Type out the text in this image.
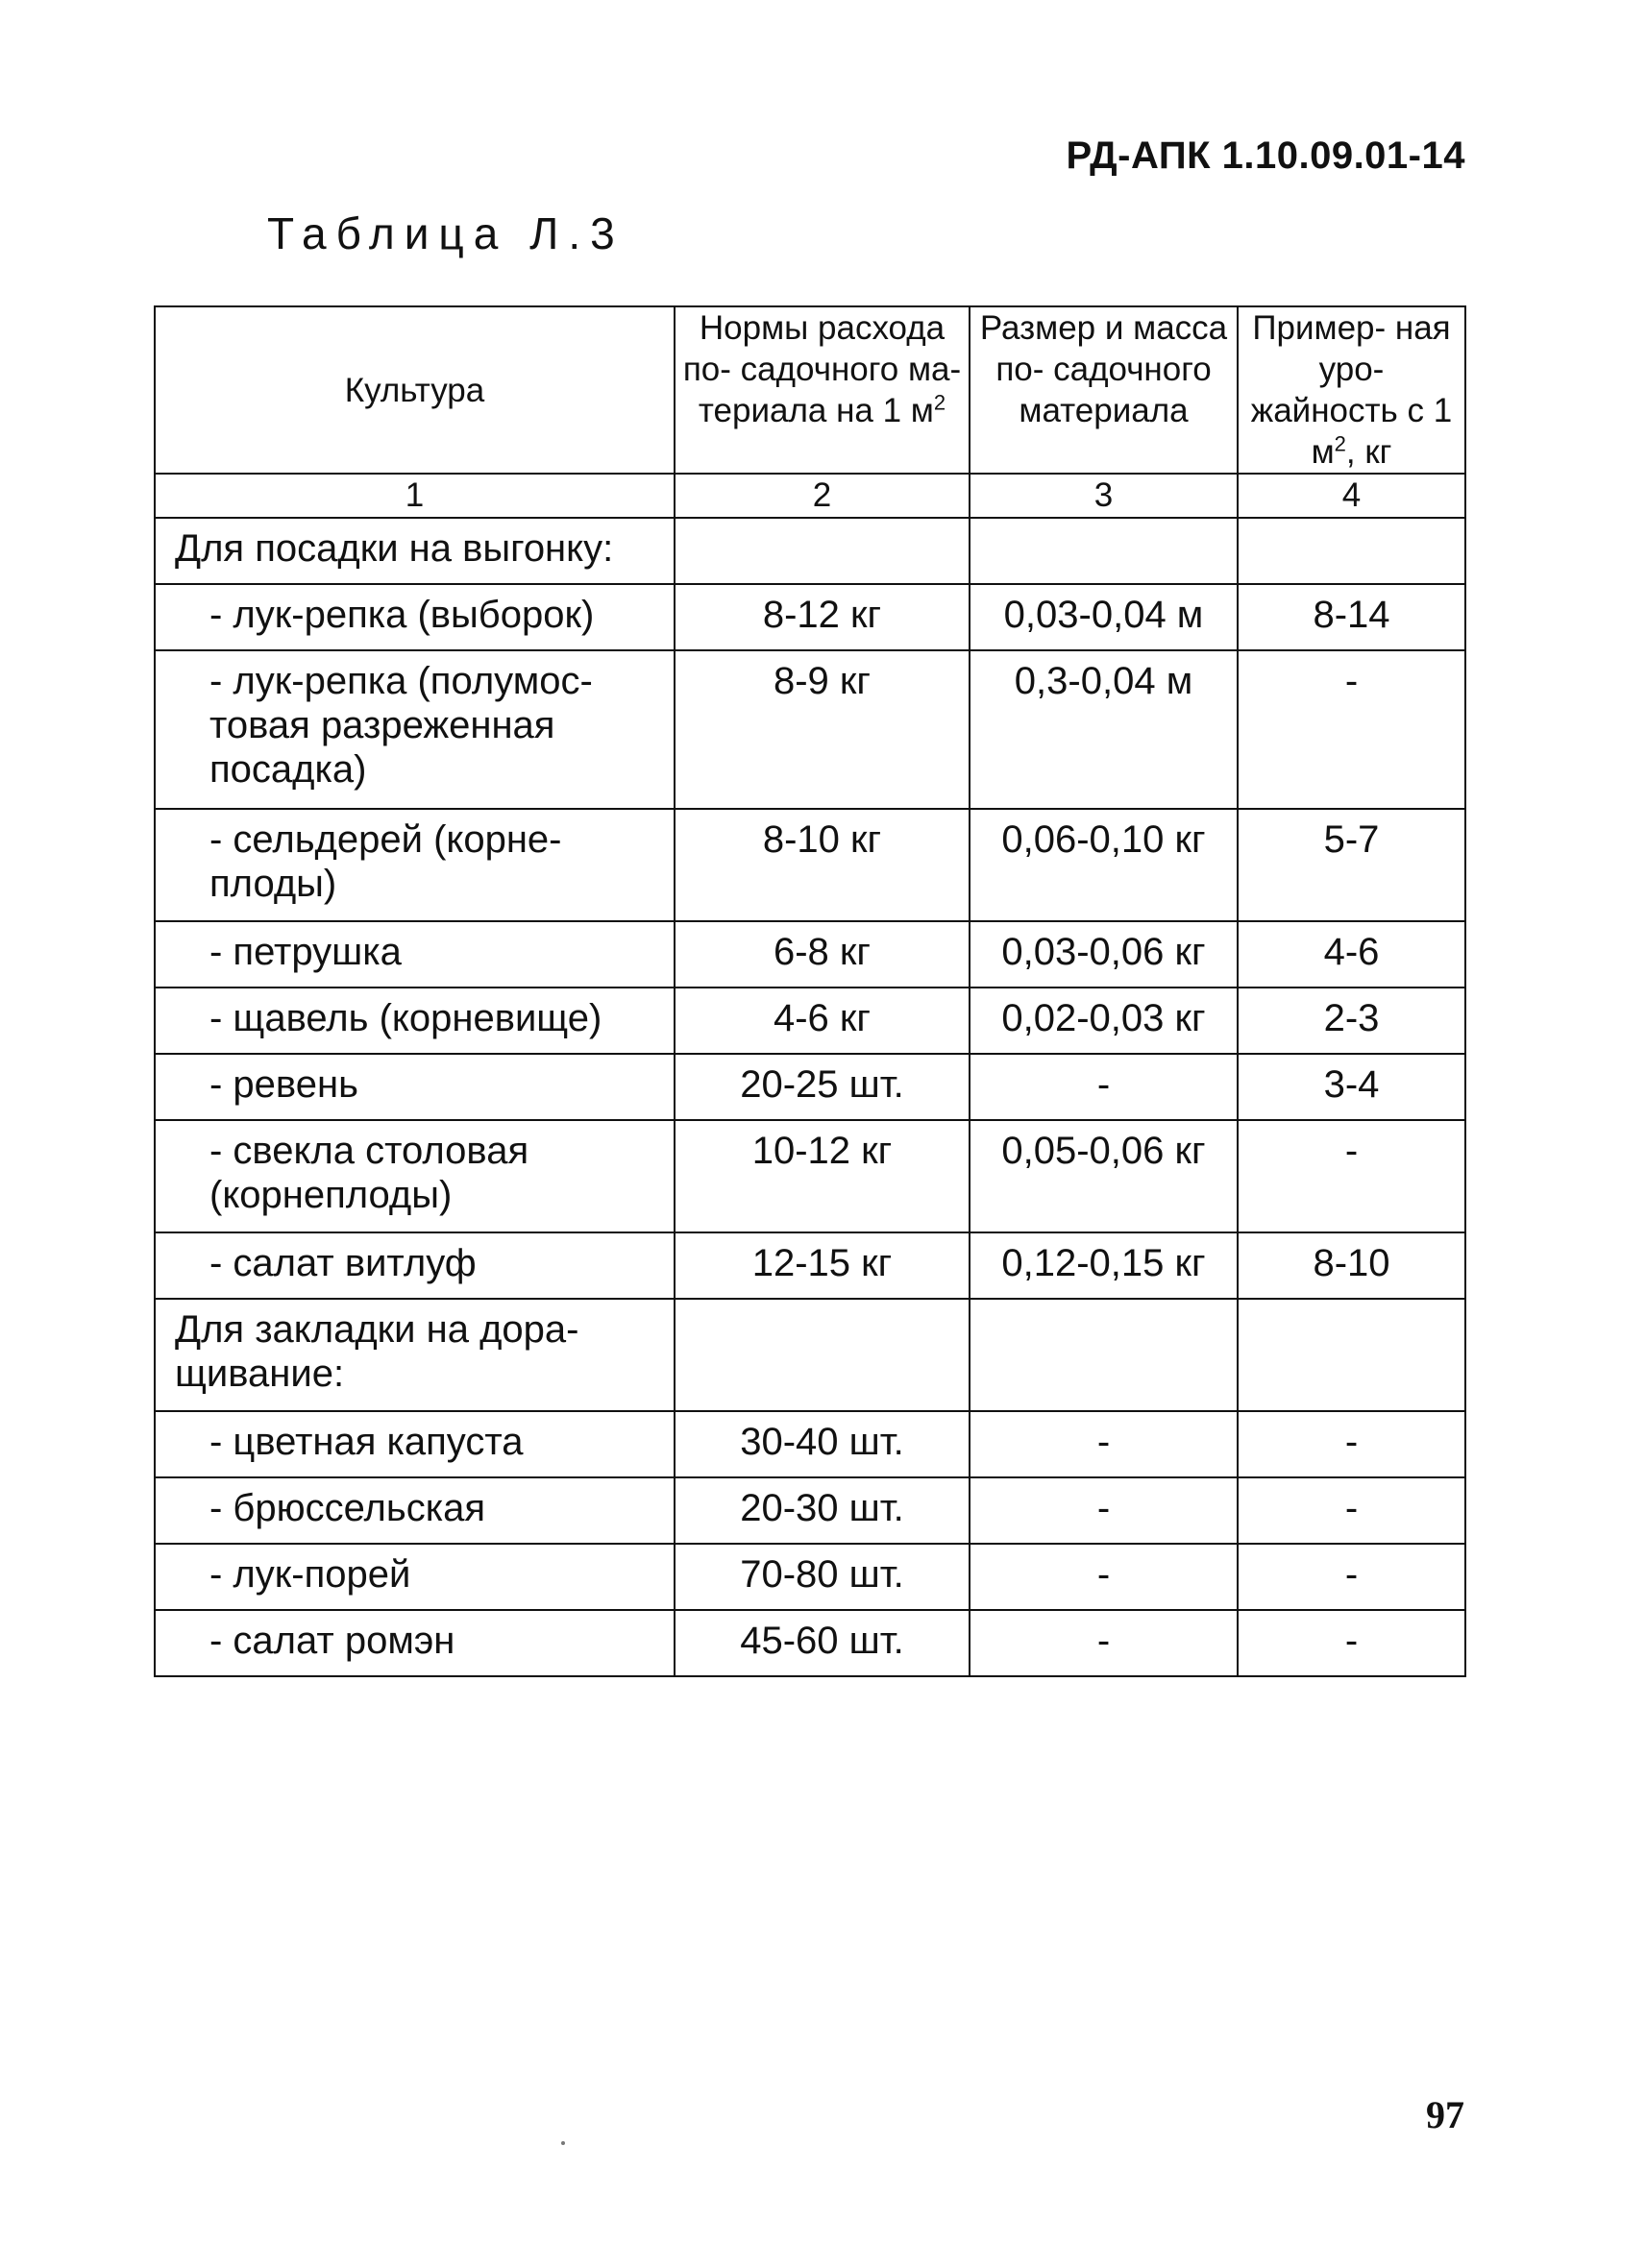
РД-АПК 1.10.09.01-14
Таблица Л.3
Культура	Нормы расхода по- садочного ма- териала на 1 $м^2$	Размер и масса по- садочного материала	Пример- ная уро- жайность с 1 $м^2$, кг
1	2	3	4
Для посадки на выгонку:			
- лук-репка (выборок)	8-12 кг	0,03-0,04 м	8-14
- лук-репка (полумос- товая разреженная посадка)	8-9 кг	0,3-0,04 м	-
- сельдерей (корне- плоды)	8-10 кг	0,06-0,10 кг	5-7
- петрушка	6-8 кг	0,03-0,06 кг	4-6
- щавель (корневище)	4-6 кг	0,02-0,03 кг	2-3
- ревень	20-25 шт.	-	3-4
- свекла столовая (корнеплоды)	10-12 кг	0,05-0,06 кг	-
- салат витлуф	12-15 кг	0,12-0,15 кг	8-10
Для закладки на дора- щивание:			
- цветная капуста	30-40 шт.	-	-
- брюссельская	20-30 шт.	-	-
- лук-порей	70-80 шт.	-	-
- салат ромэн	45-60 шт.	-	-
97
